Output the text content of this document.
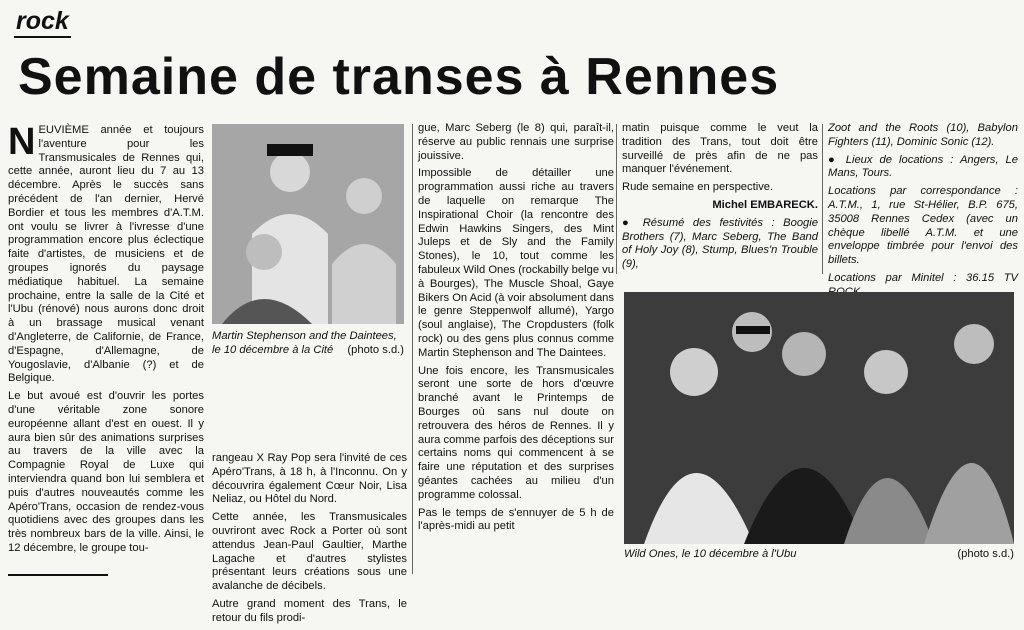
rock
Semaine de transes à Rennes

NEUVIÈME année et toujours l'aventure pour les Transmusicales de Rennes qui, cette année, auront lieu du 7 au 13 décembre. Après le succès sans précédent de l'an dernier, Hervé Bordier et tous les membres d'A.T.M. ont voulu se livrer à l'ivresse d'une programmation encore plus éclectique faite d'artistes, de musiciens et de groupes ignorés du paysage médiatique habituel. La semaine prochaine, entre la salle de la Cité et l'Ubu (rénové) nous aurons donc droit à un brassage musical venant d'Angleterre, de Californie, de France, d'Espagne, d'Allemagne, de Yougoslavie, d'Albanie (?) et de Belgique.

Le but avoué est d'ouvrir les portes d'une véritable zone sonore européenne allant d'est en ouest. Il y aura bien sûr des animations surprises au travers de la ville avec la Compagnie Royal de Luxe qui interviendra quand bon lui semblera et puis d'autres nouveautés comme les Apéro'Trans, occasion de rendez-vous quotidiens avec des groupes dans les très nombreux bars de la ville. Ainsi, le 12 décembre, le groupe tou-

Martin Stephenson and the Daintees, le 10 décembre à la Cité (photo s.d.)

rangeau X Ray Pop sera l'invité de ces Apéro'Trans, à 18 h, à l'Inconnu. On y découvrira également Cœur Noir, Lisa Neliaz, ou Hôtel du Nord.

Cette année, les Transmusicales ouvriront avec Rock a Porter où sont attendus Jean-Paul Gaultier, Marthe Lagache et d'autres stylistes présentant leurs créations sous une avalanche de décibels.

Autre grand moment des Trans, le retour du fils prodi-

gue, Marc Seberg (le 8) qui, paraît-il, réserve au public rennais une surprise jouissive.

Impossible de détailler une programmation aussi riche au travers de laquelle on remarque The Inspirational Choir (la rencontre des Edwin Hawkins Singers, des Mint Juleps et de Sly and the Family Stones), le 10, tout comme les fabuleux Wild Ones (rockabilly belge vu à Bourges), The Muscle Shoal, Gaye Bikers On Acid (à voir absolument dans le genre Steppenwolf allumé), Yargo (soul anglaise), The Cropdusters (folk rock) ou des gens plus connus comme Martin Stephenson and The Daintees.

Une fois encore, les Transmusicales seront une sorte de hors d'œuvre branché avant le Printemps de Bourges où sans nul doute on retrouvera des héros de Rennes. Il y aura comme parfois des déceptions sur certains noms qui commencent à se faire une réputation et des surprises géantes cachées au milieu d'un programme colossal.

Pas le temps de s'ennuyer de 5 h de l'après-midi au petit

matin puisque comme le veut la tradition des Trans, tout doit être surveillé de près afin de ne pas manquer l'événement.

Rude semaine en perspective.

Michel EMBARECK.

● Résumé des festivités : Boogie Brothers (7), Marc Seberg, The Band of Holy Joy (8), Stump, Blues'n Trouble (9),

Zoot and the Roots (10), Babylon Fighters (11), Dominic Sonic (12).

● Lieux de locations : Angers, Le Mans, Tours.

Locations par correspondance : A.T.M., 1, rue St-Hélier, B.P. 675, 35008 Rennes Cedex (avec un chèque libellé A.T.M. et une enveloppe timbrée pour l'envoi des billets.

Locations par Minitel : 36.15 TV

Wild Ones, le 10 décembre à l'Ubu	(photo s.d.)
